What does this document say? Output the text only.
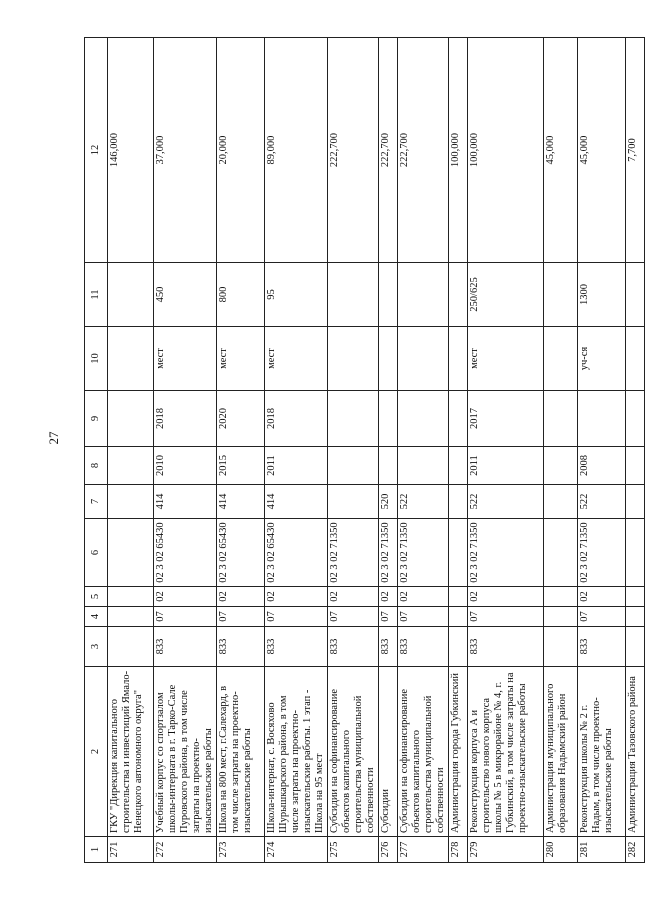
27
1	2	3	4	5	6	7	8	9	10	11	12
271	ГКУ "Дирекция капитального строительства и инвестиций Ямало-Ненецкого автономного округа"										146,000
272	Учебный корпус со спортзалом школы-интерната в г. Тарко-Сале Пуровского района, в том числе затраты на проектно-изыскательские работы	833	07	02	02 3 02 65430	414	2010	2018	мест	450	37,000
273	Школа на 800 мест, г.Салехард, в том числе затраты на проектно-изыскательские работы	833	07	02	02 3 02 65430	414	2015	2020	мест	800	20,000
274	Школа-интернат, с. Восяхово Шурышкарского района, в том числе затраты на проектно-изыскательские работы. 1 этап - Школа на 95 мест	833	07	02	02 3 02 65430	414	2011	2018	мест	95	89,000
275	Субсидии на софинансирование объектов капитального строительства муниципальной собственности	833	07	02	02 3 02 71350						222,700
276	Субсидии	833	07	02	02 3 02 71350	520					222,700
277	Субсидии на софинансирование объектов капитального строительства муниципальной собственности	833	07	02	02 3 02 71350	522					222,700
278	Администрация города Губкинский										100,000
279	Реконструкция корпуса А и строительство нового корпуса школы № 5 в микрорайоне № 4, г. Губкинский, в том числе затраты на проектно-изыскательские работы	833	07	02	02 3 02 71350	522	2011	2017	мест	250/625	100,000
280	Администрация муниципального образования Надымский район										45,000
281	Реконструкция школы № 2 г. Надым, в том числе проектно-изыскательские работы	833	07	02	02 3 02 71350	522	2008		уч-ся	1300	45,000
282	Администрация Тазовского района										7,700
